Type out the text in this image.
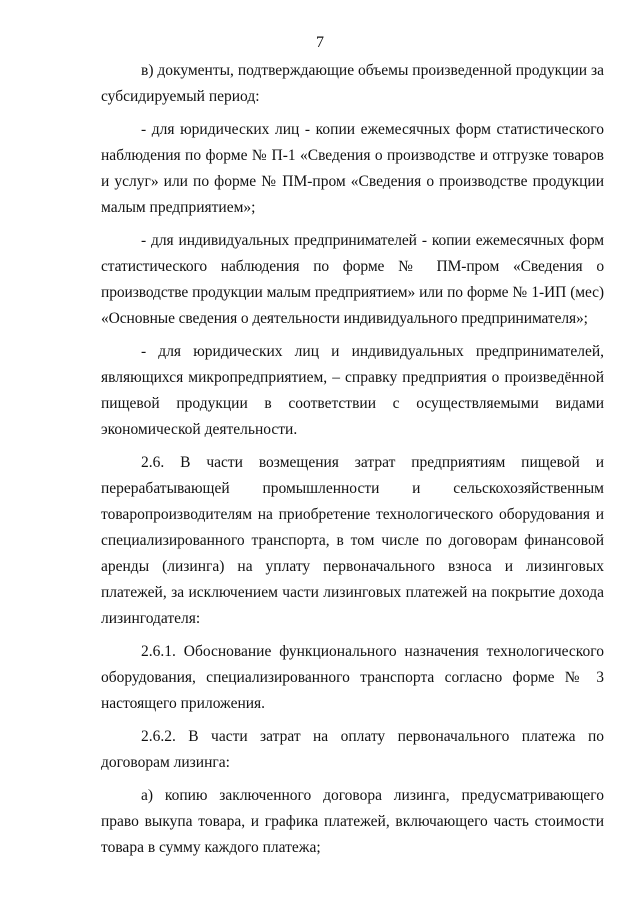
7

в) документы, подтверждающие объемы произведенной продукции за субсидируемый период:

- для юридических лиц - копии ежемесячных форм статистического наблюдения по форме № П-1 «Сведения о производстве и отгрузке товаров и услуг» или по форме № ПМ-пром «Сведения о производстве продукции малым предприятием»;

- для индивидуальных предпринимателей - копии ежемесячных форм статистического наблюдения по форме № ПМ-пром «Сведения о производстве продукции малым предприятием» или по форме № 1-ИП (мес) «Основные сведения о деятельности индивидуального предпринимателя»;

- для юридических лиц и индивидуальных предпринимателей, являющихся микропредприятием, – справку предприятия о произведённой пищевой продукции в соответствии с осуществляемыми видами экономической деятельности.

2.6. В части возмещения затрат предприятиям пищевой и перерабатывающей промышленности и сельскохозяйственным товаропроизводителям на приобретение технологического оборудования и специализированного транспорта, в том числе по договорам финансовой аренды (лизинга) на уплату первоначального взноса и лизинговых платежей, за исключением части лизинговых платежей на покрытие дохода лизингодателя:

2.6.1. Обоснование функционального назначения технологического оборудования, специализированного транспорта согласно форме № 3 настоящего приложения.

2.6.2. В части затрат на оплату первоначального платежа по договорам лизинга:

а) копию заключенного договора лизинга, предусматривающего право выкупа товара, и графика платежей, включающего часть стоимости товара в сумму каждого платежа;
